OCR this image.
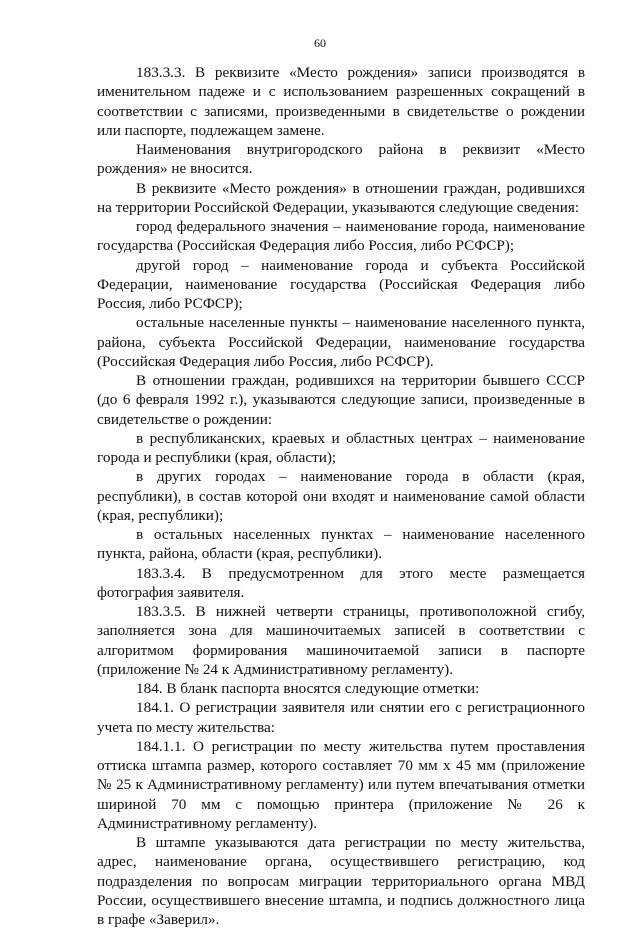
60

183.3.3. В реквизите «Место рождения» записи производятся в именительном падеже и с использованием разрешенных сокращений в соответствии с записями, произведенными в свидетельстве о рождении или паспорте, подлежащем замене.

Наименования внутригородского района в реквизит «Место рождения» не вносится.

В реквизите «Место рождения» в отношении граждан, родившихся на территории Российской Федерации, указываются следующие сведения:

город федерального значения – наименование города, наименование государства (Российская Федерация либо Россия, либо РСФСР);

другой город – наименование города и субъекта Российской Федерации, наименование государства (Российская Федерация либо Россия, либо РСФСР);

остальные населенные пункты – наименование населенного пункта, района, субъекта Российской Федерации, наименование государства (Российская Федерация либо Россия, либо РСФСР).

В отношении граждан, родившихся на территории бывшего СССР (до 6 февраля 1992 г.), указываются следующие записи, произведенные в свидетельстве о рождении:

в республиканских, краевых и областных центрах – наименование города и республики (края, области);

в других городах – наименование города в области (края, республики), в состав которой они входят и наименование самой области (края, республики);

в остальных населенных пунктах – наименование населенного пункта, района, области (края, республики).

183.3.4. В предусмотренном для этого месте размещается фотография заявителя.

183.3.5. В нижней четверти страницы, противоположной сгибу, заполняется зона для машиночитаемых записей в соответствии с алгоритмом формирования машиночитаемой записи в паспорте (приложение № 24 к Административному регламенту).

184. В бланк паспорта вносятся следующие отметки:

184.1. О регистрации заявителя или снятии его с регистрационного учета по месту жительства:

184.1.1. О регистрации по месту жительства путем проставления оттиска штампа размер, которого составляет 70 мм х 45 мм (приложение № 25 к Административному регламенту) или путем впечатывания отметки шириной 70 мм с помощью принтера (приложение № 26 к Административному регламенту).

В штампе указываются дата регистрации по месту жительства, адрес, наименование органа, осуществившего регистрацию, код подразделения по вопросам миграции территориального органа МВД России, осуществившего внесение штампа, и подпись должностного лица в графе «Заверил».
